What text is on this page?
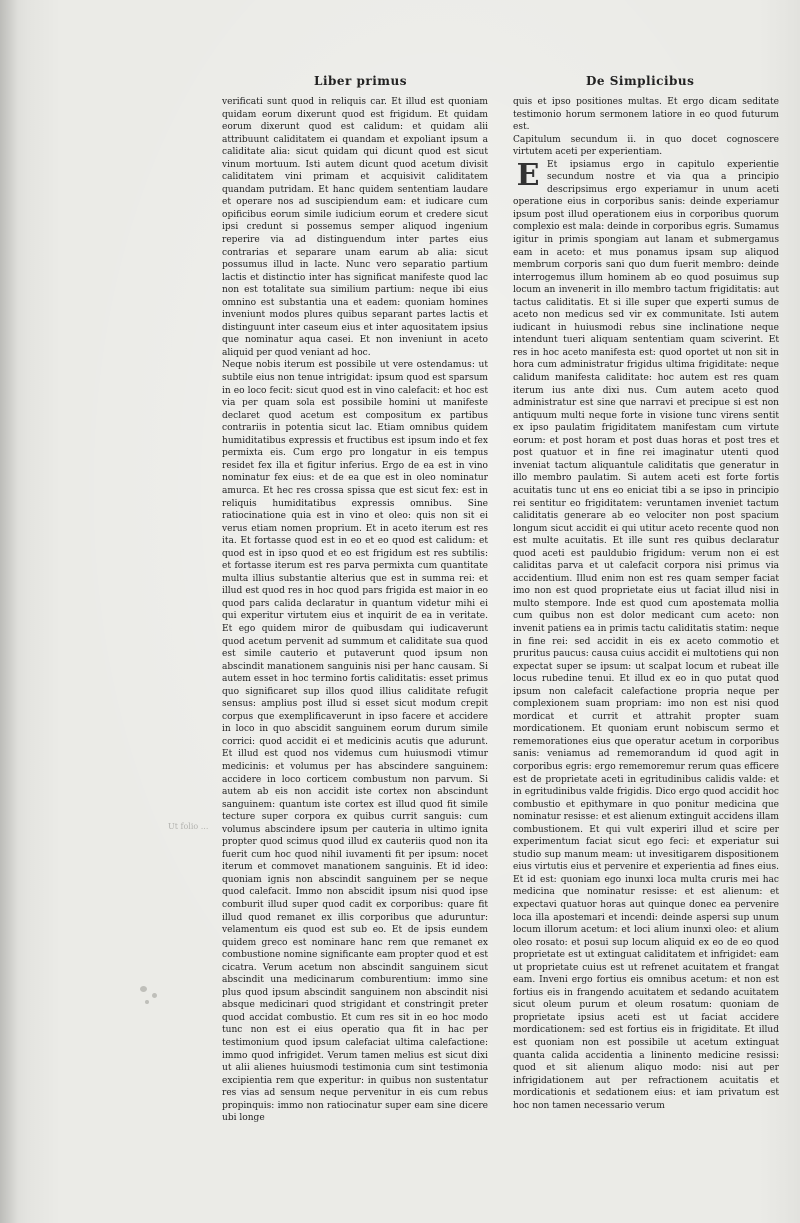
Liber primus	De Simplicibus

verificati sunt quod in reliquis car. Et illud est quoniam quidam eorum dixerunt quod est frigidum. Et quidam eorum dixerunt quod est calidum: et quidam alii attribuunt caliditatem ei quandam et expoliant ipsum a caliditate alia: sicut quidam qui dicunt quod est sicut vinum mortuum. Isti autem dicunt quod acetum divisit caliditatem vini primam et acquisivit caliditatem quandam putridam. Et hanc quidem sententiam laudare et operare nos ad suscipiendum eam: et iudicare cum opificibus eorum simile iudicium eorum et credere sicut ipsi credunt si possemus semper aliquod ingenium reperire via ad distinguendum inter partes eius contrarias et separare unam earum ab alia: sicut possumus illud in lacte. Nunc vero separatio partium lactis et distinctio inter has significat manifeste quod lac non est totalitate sua similium partium: neque ibi eius omnino est substantia una et eadem: quoniam homines inveniunt modos plures quibus separant partes lactis et distinguunt inter caseum eius et inter aquositatem ipsius que nominatur aqua casei. Et non inveniunt in aceto aliquid per quod veniant ad hoc.

Neque nobis iterum est possibile ut vere ostendamus: ut subtile eius non tenue intrigidat: ipsum quod est sparsum in eo loco fecit: sicut quod est in vino calefacit: et hoc est via per quam sola est possibile homini ut manifeste declaret quod acetum est compositum ex partibus contrariis in potentia sicut lac. Etiam omnibus quidem humiditatibus expressis et fructibus est ipsum indo et fex permixta eis. Cum ergo pro longatur in eis tempus residet fex illa et figitur inferius. Ergo de ea est in vino nominatur fex eius: et de ea que est in oleo nominatur amurca. Et hec res crossa spissa que est sicut fex: est in reliquis humiditatibus expressis omnibus. Sine ratiocinatione quia est in vino et oleo: quis non sit ei verus etiam nomen proprium. Et in aceto iterum est res ita. Et fortasse quod est in eo et eo quod est calidum: et quod est in ipso quod et eo est frigidum est res subtilis: et fortasse iterum est res parva permixta cum quantitate multa illius substantie alterius que est in summa rei: et illud est quod res in hoc quod pars frigida est maior in eo quod pars calida declaratur in quantum videtur mihi ei qui experitur virtutem eius et inquirit de ea in veritate. Et ego quidem miror de quibusdam qui iudicaverunt quod acetum pervenit ad summum et caliditate sua quod est simile cauterio et putaverunt quod ipsum non abscindit manationem sanguinis nisi per hanc causam. Si autem esset in hoc termino fortis caliditatis: esset primus quo significaret sup illos quod illius caliditate refugit sensus: amplius post illud si esset sicut modum crepit corpus que exemplificaverunt in ipso facere et accidere in loco in quo abscidit sanguinem eorum durum simile corrici: quod accidit ei et medicinis acutis que adurunt. Et illud est quod nos videmus cum huiusmodi vtimur medicinis: et volumus per has abscindere sanguinem: accidere in loco corticem combustum non parvum. Si autem ab eis non accidit iste cortex non abscindunt sanguinem: quantum iste cortex est illud quod fit simile tecture super corpora ex quibus currit sanguis: cum volumus abscindere ipsum per cauteria in ultimo ignita propter quod scimus quod illud ex cauteriis quod non ita fuerit cum hoc quod nihil iuvamenti fit per ipsum: nocet iterum et commovet manationem sanguinis. Et id ideo: quoniam ignis non abscindit sanguinem per se neque quod calefacit. Immo non abscidit ipsum nisi quod ipse comburit illud super quod cadit ex corporibus: quare fit illud quod remanet ex illis corporibus que aduruntur: velamentum eis quod est sub eo. Et de ipsis eundem quidem greco est nominare hanc rem que remanet ex combustione nomine significante eam propter quod et est cicatra. Verum acetum non abscindit sanguinem sicut abscindit una medicinarum comburentium: immo sine plus quod ipsum abscindit sanguinem non abscindit nisi absque medicinari quod strigidant et constringit preter quod accidat combustio. Et cum res sit in eo hoc modo tunc non est ei eius operatio qua fit in hac per testimonium quod ipsum calefaciat ultima calefactione: immo quod infrigidet. Verum tamen melius est sicut dixi ut alii alienes huiusmodi testimonia cum sint testimonia excipientia rem que experitur: in quibus non sustentatur res vias ad sensum neque pervenitur in eis cum rebus propinquis: immo non ratiocinatur super eam sine dicere ubi longe

quis et ipso positiones multas. Et ergo dicam seditate testimonio horum sermonem latiore in eo quod futurum est.

Capitulum secundum ii. in quo docet cognoscere virtutem aceti per experientiam.

E Et ipsiamus ergo in capitulo experientie secundum nostre et via qua a principio descripsimus ergo experiamur in unum aceti operatione eius in corporibus sanis: deinde experiamur ipsum post illud operationem eius in corporibus quorum complexio est mala: deinde in corporibus egris. Sumamus igitur in primis spongiam aut lanam et submergamus eam in aceto: et mus ponamus ipsam sup aliquod membrum corporis sani quo dum fuerit membro: deinde interrogemus illum hominem ab eo quod posuimus sup locum an invenerit in illo membro tactum frigiditatis: aut tactus caliditatis. Et si ille super que experti sumus de aceto non medicus sed vir ex communitate. Isti autem iudicant in huiusmodi rebus sine inclinatione neque intendunt tueri aliquam sententiam quam sciverint. Et res in hoc aceto manifesta est: quod oportet ut non sit in hora cum administratur frigidus ultima frigiditate: neque calidum manifesta caliditate: hoc autem est res quam iterum ius ante dixi nus. Cum autem aceto quod administratur est sine que narravi et precipue si est non antiquum multi neque forte in visione tunc virens sentit ex ipso paulatim frigiditatem manifestam cum virtute eorum: et post horam et post duas horas et post tres et post quatuor et in fine rei imaginatur utenti quod inveniat tactum aliquantule caliditatis que generatur in illo membro paulatim. Si autem aceti est forte fortis acuitatis tunc ut ens eo eniciat tibi a se ipso in principio rei sentitur eo frigiditatem: veruntamen inveniet tactum caliditatis generare ab eo velociter non post spacium longum sicut accidit ei qui utitur aceto recente quod non est multe acuitatis. Et ille sunt res quibus declaratur quod aceti est pauldubio frigidum: verum non ei est caliditas parva et ut calefacit corpora nisi primus via accidentium. Illud enim non est res quam semper faciat imo non est quod proprietate eius ut faciat illud nisi in multo stempore. Inde est quod cum apostemata mollia cum quibus non est dolor medicant cum aceto: non invenit patiens ea in primis tactu caliditatis statim: neque in fine rei: sed accidit in eis ex aceto commotio et pruritus paucus: causa cuius accidit ei multotiens qui non expectat super se ipsum: ut scalpat locum et rubeat ille locus rubedine tenui. Et illud ex eo in quo putat quod ipsum non calefacit calefactione propria neque per complexionem suam propriam: imo non est nisi quod mordicat et currit et attrahit propter suam mordicationem. Et quoniam erunt nobiscum sermo et rememorationes eius que operatur acetum in corporibus sanis: veniamus ad rememorandum id quod agit in corporibus egris: ergo rememoremur rerum quas efficere est de proprietate aceti in egritudinibus calidis valde: et in egritudinibus valde frigidis. Dico ergo quod accidit hoc combustio et epithymare in quo ponitur medicina que nominatur resisse: et est alienum extinguit accidens illam combustionem. Et qui vult experiri illud et scire per experimentum faciat sicut ego feci: et experiatur sui studio sup manum meam: ut invesitigarem dispositionem eius virtutis eius et pervenire et experientia ad fines eius. Et id est: quoniam ego inunxi loca multa cruris mei hac medicina que nominatur resisse: et est alienum: et expectavi quatuor horas aut quinque donec ea pervenire loca illa apostemari et incendi: deinde aspersi sup unum locum illorum acetum: et loci alium inunxi oleo: et alium oleo rosato: et posui sup locum aliquid ex eo de eo quod proprietate est ut extinguat caliditatem et infrigidet: eam ut proprietate cuius est ut refrenet acuitatem et frangat eam. Inveni ergo fortius eis omnibus acetum: et non est fortius eis in frangendo acuitatem et sedando acuitatem sicut oleum purum et oleum rosatum: quoniam de proprietate ipsius aceti est ut faciat accidere mordicationem: sed est fortius eis in frigiditate. Et illud est quoniam non est possibile ut acetum extinguat quanta calida accidentia a lininento medicine resissi: quod et sit alienum aliquo modo: nisi aut per infrigidationem aut per refractionem acuitatis et mordicationis et sedationem eius: et iam privatum est hoc non tamen necessario verum

Ut folio ...
